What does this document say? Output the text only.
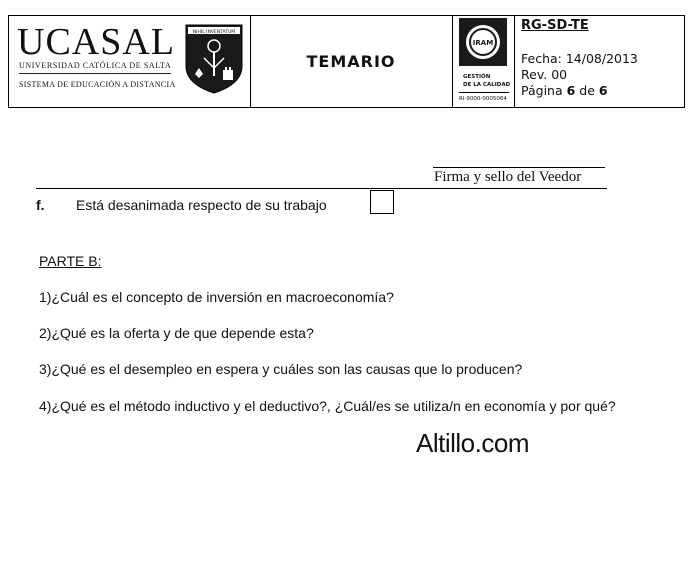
UCASAL
UNIVERSIDAD CATÓLICA DE SALTA
SISTEMA DE EDUCACIÓN A DISTANCIA
NIHIL INVENTATUM
TEMARIO
IRAM
GESTIÓN
DE LA CALIDAD
RI-9000-0005064
RG-SD-TE
Fecha: 14/08/2013
Rev. 00
Página 6 de 6
Firma y sello del Veedor
f. Está desanimada respecto de su trabajo
PARTE B:
1)¿Cuál es el concepto de inversión en macroeconomía?
2)¿Qué es la oferta y de que depende esta?
3)¿Qué es el desempleo en espera y cuáles son las causas que lo producen?
4)¿Qué es el método inductivo y el deductivo?, ¿Cuál/es se utiliza/n en economía y por qué?
Altillo.com
